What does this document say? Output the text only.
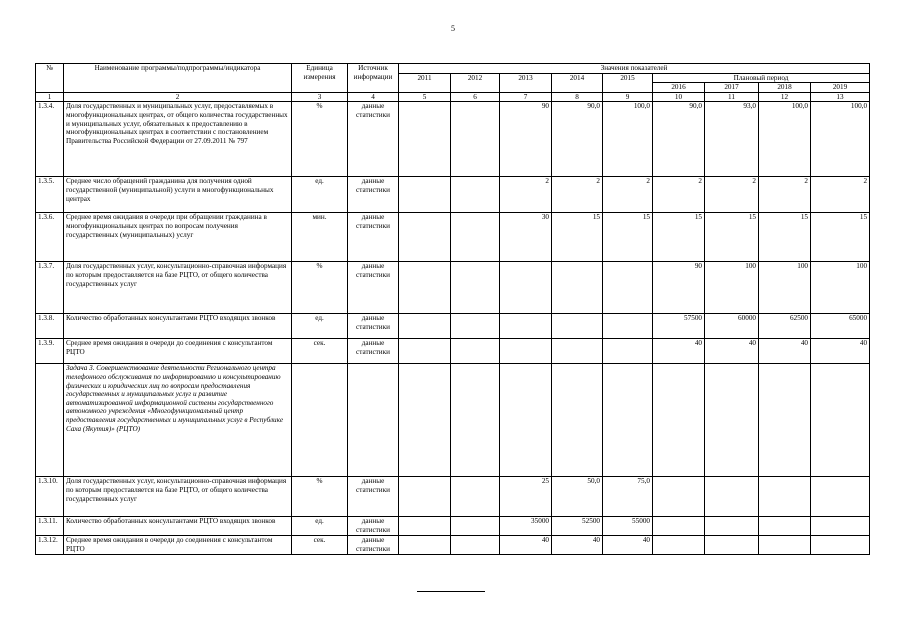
5
№	Наименование программы/подпрограммы/индикатора	Единица измерения	Источник информации	Значения показателей								
				2011	2012	2013	2014	2015	Плановый период			
									2016	2017	2018	2019
1	2	3	4	5	6	7	8	9	10	11	12	13
1.3.4.	Доля государственных и муниципальных услуг, предоставляемых в многофункциональных центрах, от общего количества государственных и муниципальных услуг, обязательных к предоставлению в многофункциональных центрах в соответствии с постановлением Правительства Российской Федерации от 27.09.2011 № 797	%	данные статистики			90	90,0	100,0	90,0	93,0	100,0	100,0
1.3.5.	Среднее число обращений гражданина для получения одной государственной (муниципальной) услуги в многофункциональных центрах	ед.	данные статистики			2	2	2	2	2	2	2
1.3.6.	Среднее время ожидания в очереди при обращении гражданина в многофункциональных центрах по вопросам получения государственных (муниципальных) услуг	мин.	данные статистики			30	15	15	15	15	15	15
1.3.7.	Доля государственных услуг, консультационно-справочная информация по которым предоставляется на базе РЦТО, от общего количества государственных услуг	%	данные статистики						90	100	100	100
1.3.8.	Количество обработанных консультантами РЦТО входящих звонков	ед.	данные статистики						57500	60000	62500	65000
1.3.9.	Среднее время ожидания в очереди до соединения с консультантом РЦТО	сек.	данные статистики						40	40	40	40
	Задача 3. Совершенствование деятельности Регионального центра телефонного обслуживания по информированию и консультированию физических и юридических лиц по вопросам предоставления государственных и муниципальных услуг и развитие автоматизированной информационной системы государственного автономного учреждения «Многофункциональный центр предоставления государственных и муниципальных услуг в Республике Саха (Якутия)» (РЦТО)											
1.3.10.	Доля государственных услуг, консультационно-справочная информация по которым предоставляется на базе РЦТО, от общего количества государственных услуг	%	данные статистики			25	50,0	75,0				
1.3.11.	Количество обработанных консультантами РЦТО входящих звонков	ед.	данные статистики			35000	52500	55000				
1.3.12.	Среднее время ожидания в очереди до соединения с консультантом РЦТО	сек.	данные статистики			40	40	40				
